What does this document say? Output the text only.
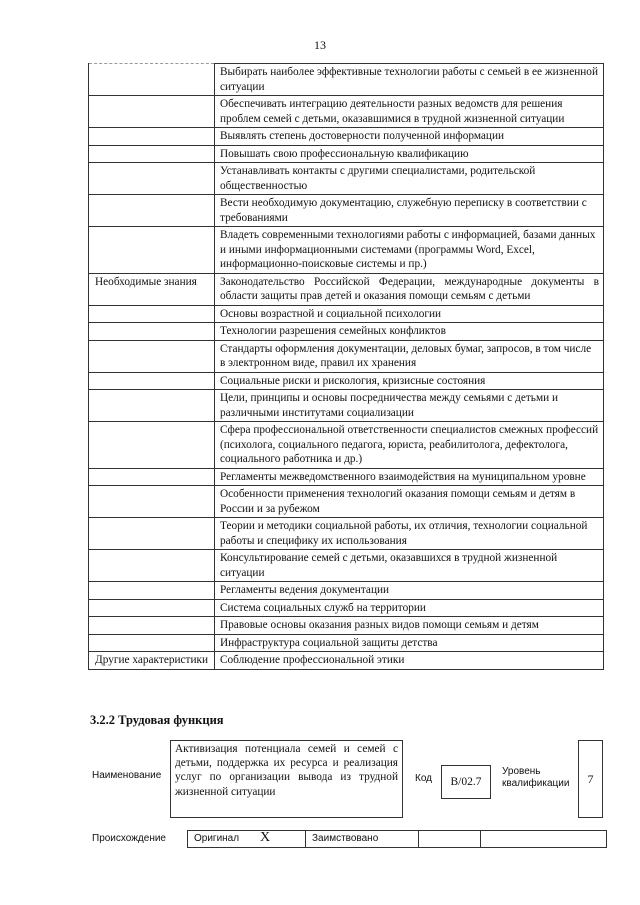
13
	Выбирать наиболее эффективные технологии работы с семьей в ее жизненной ситуации
	Обеспечивать интеграцию деятельности разных ведомств для решения проблем семей с детьми, оказавшимися в трудной жизненной ситуации
	Выявлять степень достоверности полученной информации
	Повышать свою профессиональную квалификацию
	Устанавливать контакты с другими специалистами, родительской общественностью
	Вести необходимую документацию, служебную переписку в соответствии с требованиями
	Владеть современными технологиями работы с информацией, базами данных и иными информационными системами (программы Word, Excel, информационно-поисковые системы и пр.)

Необходимые знания	Законодательство Российской Федерации, международные документы в области защиты прав детей и оказания помощи семьям с детьми
	Основы возрастной и социальной психологии
	Технологии разрешения семейных конфликтов
	Стандарты оформления документации, деловых бумаг, запросов, в том числе в электронном виде, правил их хранения
	Социальные риски и рискология, кризисные состояния
	Цели, принципы и основы посредничества между семьями с детьми и различными институтами социализации
	Сфера профессиональной ответственности специалистов смежных профессий (психолога, социального педагога, юриста, реабилитолога, дефектолога, социального работника и др.)
	Регламенты межведомственного взаимодействия на муниципальном уровне
	Особенности применения технологий оказания помощи семьям и детям в России и за рубежом
	Теории и методики социальной работы, их отличия, технологии социальной работы и специфику их использования
	Консультирование семей с детьми, оказавшихся в трудной жизненной ситуации
	Регламенты ведения документации
	Система социальных служб на территории
	Правовые основы оказания разных видов помощи семьям и детям
	Инфраструктура социальной защиты детства

Другие характеристики	Соблюдение профессиональной этики
3.2.2 Трудовая функция
Наименование
Активизация потенциала семей и семей с детьми, поддержка их ресурса и реализация услуг по организации вывода из трудной жизненной ситуации
Код	B/02.7
Уровень
квалификации	7
Происхождение	Оригинал X	Заимствовано
